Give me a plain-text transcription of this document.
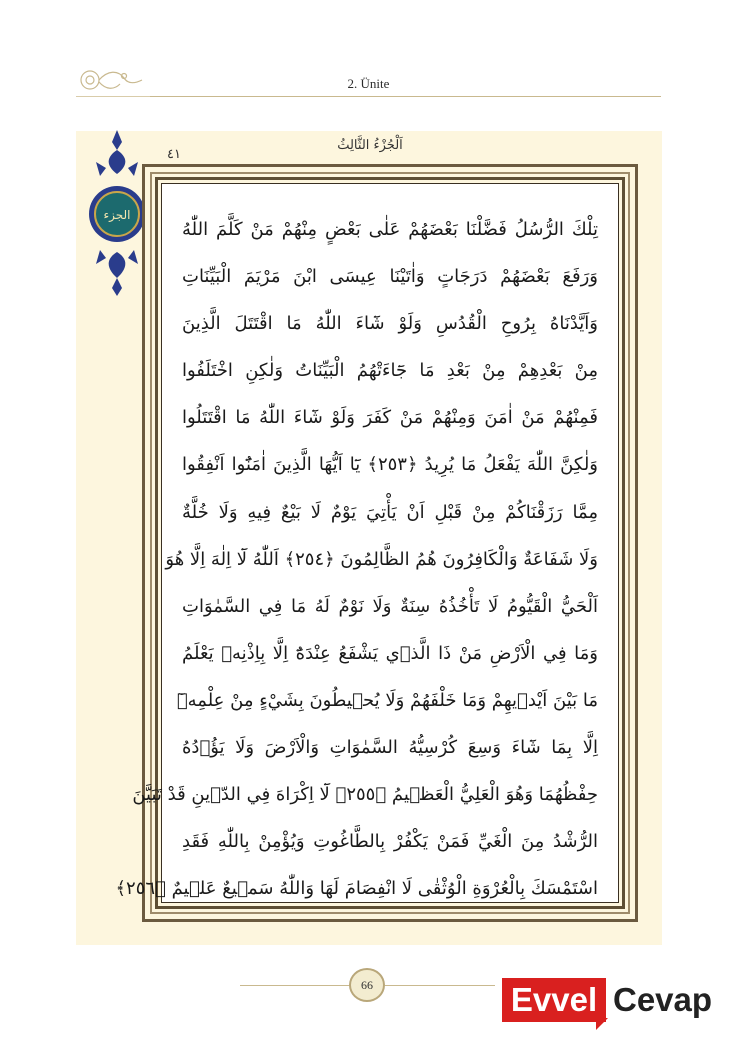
2. Ünite
الجزء
٤١
اَلْجُزْءُ الثَّالِثُ
تِلْكَ الرُّسُلُ فَضَّلْنَا بَعْضَهُمْ عَلٰى بَعْضٍ مِنْهُمْ مَنْ كَلَّمَ اللّٰهُ
وَرَفَعَ بَعْضَهُمْ دَرَجَاتٍ وَاٰتَيْنَا عِيسَى ابْنَ مَرْيَمَ الْبَيِّنَاتِ
وَاَيَّدْنَاهُ بِرُوحِ الْقُدُسِ وَلَوْ شَٓاءَ اللّٰهُ مَا اقْتَتَلَ الَّذِينَ
مِنْ بَعْدِهِمْ مِنْ بَعْدِ مَا جَٓاءَتْهُمُ الْبَيِّنَاتُ وَلٰكِنِ اخْتَلَفُوا
فَمِنْهُمْ مَنْ اٰمَنَ وَمِنْهُمْ مَنْ كَفَرَ وَلَوْ شَٓاءَ اللّٰهُ مَا اقْتَتَلُوا
وَلٰكِنَّ اللّٰهَ يَفْعَلُ مَا يُرِيدُ ﴿٢٥٣﴾ يَٓا اَيُّهَا الَّذِينَ اٰمَنُٓوا اَنْفِقُوا
مِمَّا رَزَقْنَاكُمْ مِنْ قَبْلِ اَنْ يَأْتِيَ يَوْمٌ لَا بَيْعٌ فِيهِ وَلَا خُلَّةٌ
وَلَا شَفَاعَةٌ وَالْكَافِرُونَ هُمُ الظَّالِمُونَ ﴿٢٥٤﴾ اَللّٰهُ لَٓا اِلٰهَ اِلَّا هُوَ
اَلْحَيُّ الْقَيُّومُ لَا تَأْخُذُهُ سِنَةٌ وَلَا نَوْمٌ لَهُ مَا فِي السَّمٰوَاتِ
وَمَا فِي الْاَرْضِ مَنْ ذَا الَّذ۪ي يَشْفَعُ عِنْدَهُٓ اِلَّا بِاِذْنِه۪ يَعْلَمُ
مَا بَيْنَ اَيْد۪يهِمْ وَمَا خَلْفَهُمْ وَلَا يُح۪يطُونَ بِشَيْءٍ مِنْ عِلْمِه۪ٓ
اِلَّا بِمَا شَٓاءَ وَسِعَ كُرْسِيُّهُ السَّمٰوَاتِ وَالْاَرْضَ وَلَا يَؤُ۫دُهُ
حِفْظُهُمَا وَهُوَ الْعَلِيُّ الْعَظ۪يمُ ﴿٢٥٥﴾ لَٓا اِكْرَاهَ فِي الدّ۪ينِ قَدْ تَبَيَّنَ
الرُّشْدُ مِنَ الْغَيِّ فَمَنْ يَكْفُرْ بِالطَّاغُوتِ وَيُؤْمِنْ بِاللّٰهِ فَقَدِ
اسْتَمْسَكَ بِالْعُرْوَةِ الْوُثْقٰى لَا انْفِصَامَ لَهَا وَاللّٰهُ سَم۪يعٌ عَل۪يمٌ ﴿٢٥٦﴾
66	Evvel Cevap
